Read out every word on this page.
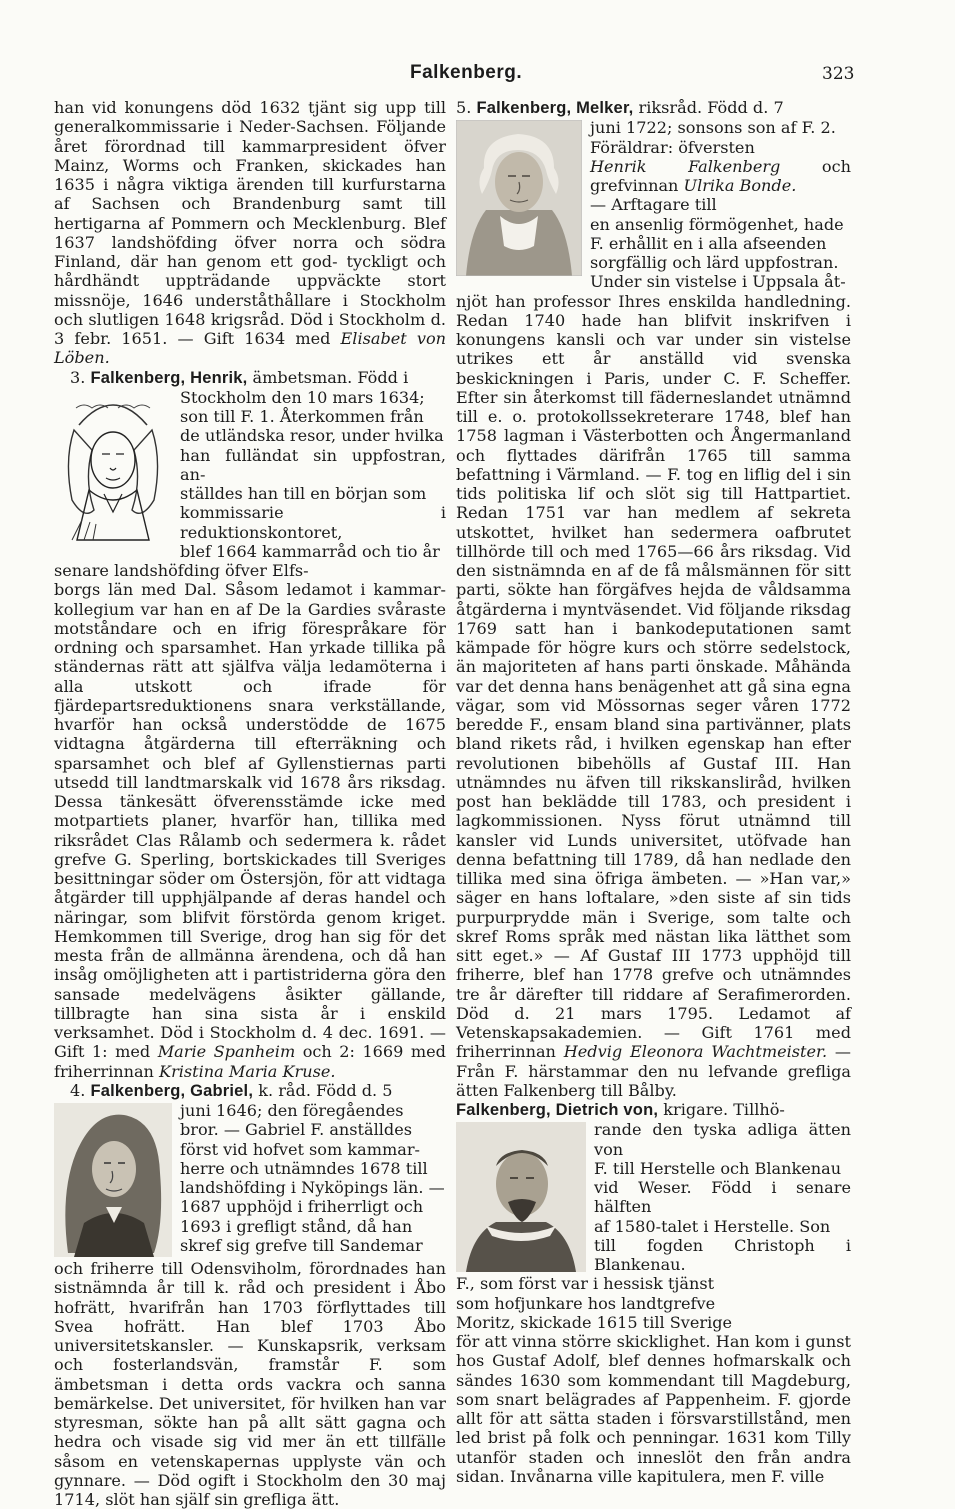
Falkenberg.	323

han vid konungens död 1632 tjänt sig upp till generalkommissarie i Neder-Sachsen. Följande året förordnad till kammarpresident öfver Mainz, Worms och Franken, skickades han 1635 i några viktiga ärenden till kurfurstarna af Sachsen och Brandenburg samt till hertigarna af Pommern och Mecklenburg. Blef 1637 landshöfding öfver norra och södra Finland, där han genom ett god- tyckligt och hårdhändt uppträdande uppväckte stort missnöje, 1646 underståthållare i Stockholm och slutligen 1648 krigsråd. Död i Stockholm d. 3 febr. 1651. — Gift 1634 med Elisabet von Löben.

3. Falkenberg, Henrik, ämbetsman. Född i

Stockholm den 10 mars 1634;
son till F. 1. Återkommen från
de utländska resor, under hvilka
han fulländat sin uppfostran, an-
ställdes han till en början som
kommissarie i reduktionskontoret,
blef 1664 kammarråd och tio år
senare landshöfding öfver Elfs-

borgs län med Dal. Såsom ledamot i kammar-kollegium var han en af De la Gardies svåraste motståndare och en ifrig förespråkare för ordning och sparsamhet. Han yrkade tillika på ständernas rätt att själfva välja ledamöterna i alla utskott och ifrade för fjärdepartsreduktionens snara verkställande, hvarför han också understödde de 1675 vidtagna åtgärderna till efterräkning och sparsamhet och blef af Gyllenstiernas parti utsedd till landtmarskalk vid 1678 års riksdag. Dessa tänkesätt öfverensstämde icke med motpartiets planer, hvarför han, tillika med riksrådet Clas Rålamb och sedermera k. rådet grefve G. Sperling, bortskickades till Sveriges besittningar söder om Östersjön, för att vidtaga åtgärder till upphjälpande af deras handel och näringar, som blifvit förstörda genom kriget. Hemkommen till Sverige, drog han sig för det mesta från de allmänna ärendena, och då han insåg omöjligheten att i partistriderna göra den sansade medelvägens åsikter gällande, tillbragte han sina sista år i enskild verksamhet. Död i Stockholm d. 4 dec. 1691. — Gift 1: med Marie Spanheim och 2: 1669 med friherrinnan Kristina Maria Kruse.

4. Falkenberg, Gabriel, k. råd. Född d. 5

juni 1646; den föregåendes
bror. — Gabriel F. anställdes
först vid hofvet som kammar-
herre och utnämndes 1678 till
landshöfding i Nyköpings län. —
1687 upphöjd i friherrligt och
1693 i grefligt stånd, då han
skref sig grefve till Sandemar

och friherre till Odensviholm, förordnades han sistnämnda år till k. råd och president i Åbo hofrätt, hvarifrån han 1703 förflyttades till Svea hofrätt. Han blef 1703 Åbo universitetskansler. — Kunskapsrik, verksam och fosterlandsvän, framstår F. som ämbetsman i detta ords vackra och sanna bemärkelse. Det universitet, för hvilken han var styresman, sökte han på allt sätt gagna och hedra och visade sig vid mer än ett tillfälle såsom en vetenskapernas upplyste vän och gynnare. — Död ogift i Stockholm den 30 maj 1714, slöt han själf sin grefliga ätt.

5. Falkenberg, Melker, riksråd. Född d. 7

juni 1722; sonsons son af F. 2.
Föräldrar: öfversten
Henrik Falkenberg	och grefvinnan Ulrika Bonde.
— Arftagare till
en ansenlig förmögenhet, hade
F. erhållit en i alla afseenden
sorgfällig och lärd uppfostran.
Under sin vistelse i Uppsala åt-

njöt han professor Ihres enskilda handledning. Redan 1740 hade han blifvit inskrifven i konungens kansli och var under sin vistelse utrikes ett år anställd vid svenska beskickningen i Paris, under C. F. Scheffer. Efter sin återkomst till fäderneslandet utnämnd till e. o. protokollssekreterare 1748, blef han 1758 lagman i Västerbotten och Ångermanland och flyttades därifrån 1765 till samma befattning i Värmland. — F. tog en liflig del i sin tids politiska lif och slöt sig till Hattpartiet. Redan 1751 var han medlem af sekreta utskottet, hvilket han sedermera oafbrutet tillhörde till och med 1765—66 års riksdag. Vid den sistnämnda en af de få målsmännen för sitt parti, sökte han förgäfves hejda de våldsamma åtgärderna i myntväsendet. Vid följande riksdag 1769 satt han i bankodeputationen samt kämpade för högre kurs och större sedelstock, än majoriteten af hans parti önskade. Måhända var det denna hans benägenhet att gå sina egna vägar, som vid Mössornas seger våren 1772 beredde F., ensam bland sina partivänner, plats bland rikets råd, i hvilken egenskap han efter revolutionen bibehölls af Gustaf III. Han utnämndes nu äfven till rikskansliråd, hvilken post han beklädde till 1783, och president i lagkommissionen. Nyss förut utnämnd till kansler vid Lunds universitet, utöfvade han denna befattning till 1789, då han nedlade den tillika med sina öfriga ämbeten. — »Han var,» säger en hans loftalare, »den siste af sin tids purpurprydde män i Sverige, som talte och skref Roms språk med nästan lika lätthet som sitt eget.» — Af Gustaf III 1773 upphöjd till friherre, blef han 1778 grefve och utnämndes tre år därefter till riddare af Serafimerorden. Död d. 21 mars 1795. Ledamot af Vetenskapsakademien. — Gift 1761 med friherrinnan Hedvig Eleonora Wachtmeister. — Från F. härstammar den nu lefvande grefliga ätten Falkenberg till Bålby.

Falkenberg, Dietrich von, krigare. Tillhö-

rande den tyska adliga ätten von
F. till Herstelle och Blankenau
vid Weser. Född i senare hälften
af 1580-talet i Herstelle. Son
till fogden Christoph i Blankenau.
F., som först var i hessisk tjänst
som hofjunkare hos landtgrefve
Moritz, skickade 1615 till Sverige

för att vinna större skicklighet. Han kom i gunst hos Gustaf Adolf, blef dennes hofmarskalk och sändes 1630 som kommendant till Magdeburg, som snart belägrades af Pappenheim. F. gjorde allt för att sätta staden i försvarstillstånd, men led brist på folk och penningar. 1631 kom Tilly utanför staden och inneslöt den från andra sidan. Invånarna ville kapitulera, men F. ville
